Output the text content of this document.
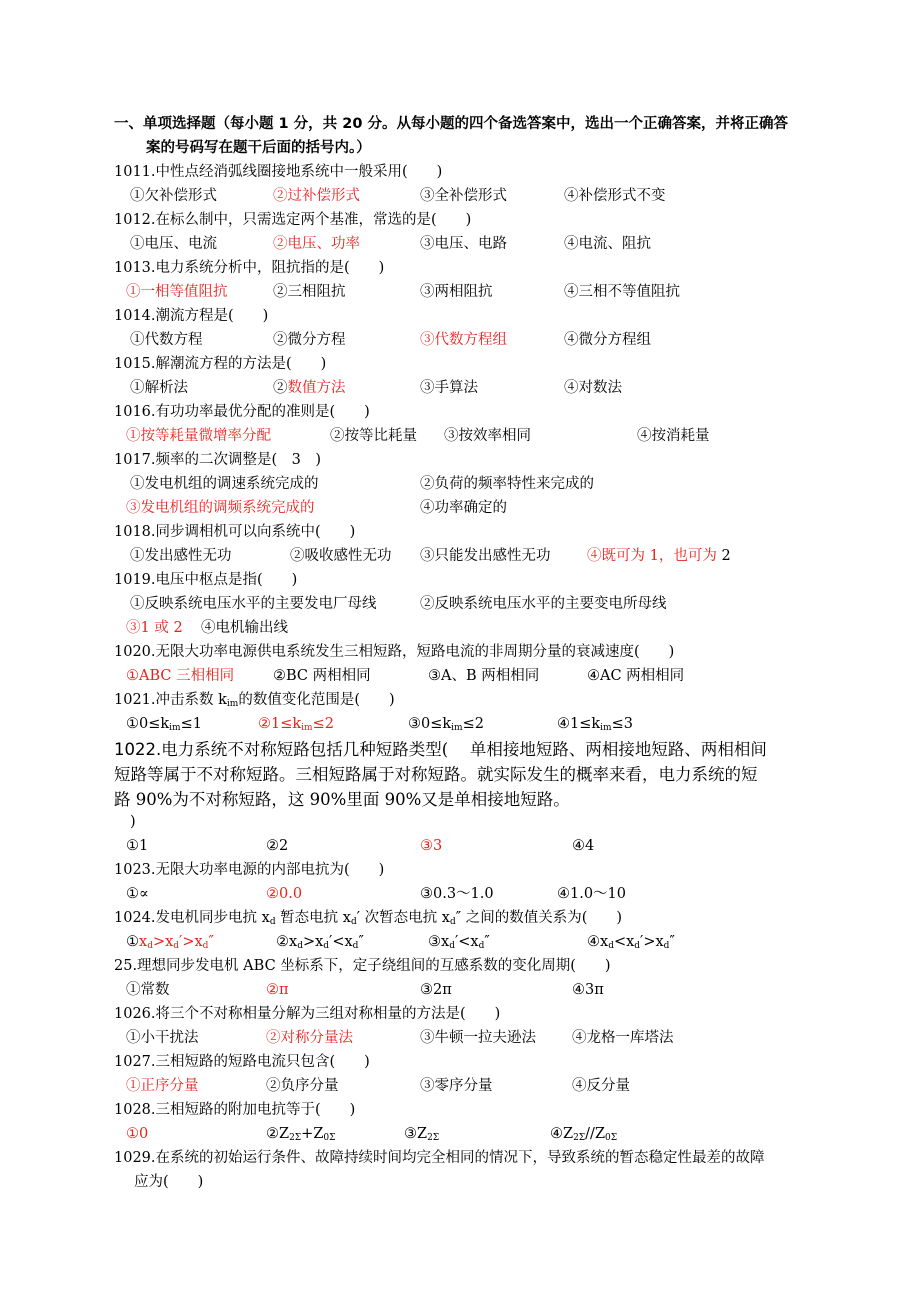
一、单项选择题（每小题 1 分，共 20 分。从每小题的四个备选答案中，选出一个正确答案，并将正确答
案的号码写在题干后面的括号内。）
1011.中性点经消弧线圈接地系统中一般采用(　　)
①欠补偿形式	②过补偿形式	③全补偿形式	④补偿形式不变
1012.在标么制中，只需选定两个基准，常选的是(　　)
①电压、电流	②电压、功率	③电压、电路	④电流、阻抗
1013.电力系统分析中，阻抗指的是(　　)
①一相等值阻抗	②三相阻抗	③两相阻抗	④三相不等值阻抗
1014.潮流方程是(　　)
①代数方程	②微分方程	③代数方程组	④微分方程组
1015.解潮流方程的方法是(　　)
①解析法	②数值方法	③手算法	④对数法
1016.有功功率最优分配的准则是(　　)
①按等耗量微增率分配	②按等比耗量 ③按效率相同	④按消耗量
1017.频率的二次调整是(　3　)
①发电机组的调速系统完成的	②负荷的频率特性来完成的
③发电机组的调频系统完成的	④功率确定的
1018.同步调相机可以向系统中(　　)
①发出感性无功	②吸收感性无功 ③只能发出感性无功	④既可为 1，也可为 2
1019.电压中枢点是指(　　)
①反映系统电压水平的主要发电厂母线	②反映系统电压水平的主要变电所母线
③1 或 2 ④电机输出线
1020.无限大功率电源供电系统发生三相短路，短路电流的非周期分量的衰减速度(　　)
①ABC 三相相同	②BC 两相相同	③A、B 两相相同	④AC 两相相同
1021.冲击系数 $k_{im}$的数值变化范围是(　　)
$①0\le k_{im}\le 1$	$②1\le k_{im}\le 2$	$③0\le k_{im}\le 2$	$④1\le k_{im}\le 3$
1022.电力系统不对称短路包括几种短路类型(　 单相接地短路、两相接地短路、两相相间
短路等属于不对称短路。三相短路属于对称短路。就实际发生的概率来看，电力系统的短
路 90%为不对称短路，这 90%里面 90%又是单相接地短路。
)
①1	②2	③3	④4
1023.无限大功率电源的内部电抗为(　　)
①∝	②0.0	③0.3～1.0	④1.0～10
1024.发电机同步电抗 $x_d$ 暂态电抗 $x_d'$ 次暂态电抗 $x_d''$ 之间的数值关系为(　　)
$①x_d>x_d'>x_d''$	$②x_d>x_d'<x_d''$	$③x_d'<x_d''$	$④x_d<x_d'>x_d''$
25.理想同步发电机 ABC 坐标系下，定子绕组间的互感系数的变化周期(　　)
①常数	②π	③2π	④3π
1026.将三个不对称相量分解为三组对称相量的方法是(　　)
①小干扰法	②对称分量法	③牛顿一拉夫逊法 ④龙格一库塔法
1027.三相短路的短路电流只包含(　　)
①正序分量	②负序分量	③零序分量	④反分量
1028.三相短路的附加电抗等于(　　)
①0	$②Z_{2\Sigma}+Z_{0\Sigma}$	$③Z_{2\Sigma}$	$④Z_{2\Sigma}//Z_{0\Sigma}$
1029.在系统的初始运行条件、故障持续时间均完全相同的情况下，导致系统的暂态稳定性最差的故障
应为(　　)
